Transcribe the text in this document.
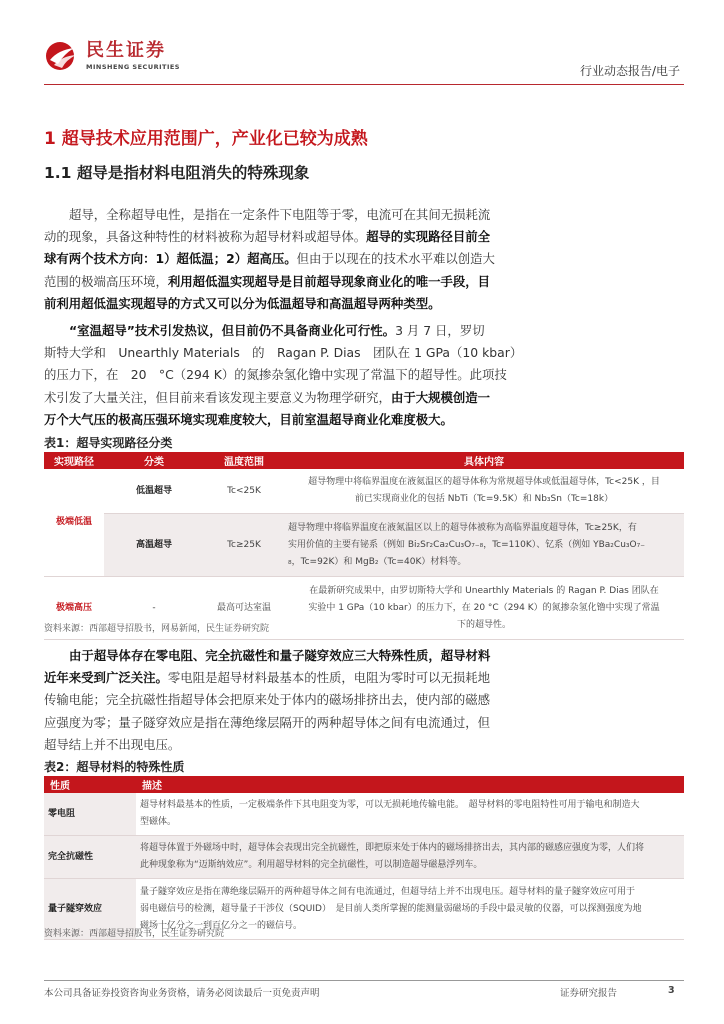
民生证券
MINSHENG SECURITIES	行业动态报告/电子
1 超导技术应用范围广，产业化已较为成熟
1.1 超导是指材料电阻消失的特殊现象
超导，全称超导电性，是指在一定条件下电阻等于零，电流可在其间无损耗流
动的现象，具备这种特性的材料被称为超导材料或超导体。超导的实现路径目前全
球有两个技术方向：1）超低温；2）超高压。但由于以现在的技术水平难以创造大
范围的极端高压环境，利用超低温实现超导是目前超导现象商业化的唯一手段，目
前利用超低温实现超导的方式又可以分为低温超导和高温超导两种类型。
“室温超导”技术引发热议，但目前仍不具备商业化可行性。3 月 7 日，罗切
斯特大学和　Unearthly Materials　的　Ragan P. Dias　团队在 1 GPa（10 kbar）
的压力下，在　20　°C（294 K）的氮掺杂氢化镥中实现了常温下的超导性。此项技
术引发了大量关注，但目前来看该发现主要意义为物理学研究，由于大规模创造一
万个大气压的极高压强环境实现难度较大，目前室温超导商业化难度极大。
表1：超导实现路径分类
实现路径	分类	温度范围	具体内容
极端低温	低温超导	Tc<25K	超导物理中将临界温度在液氦温区的超导体称为常规超导体或低温超导体，Tc<25K ，目
前已实现商业化的包括 NbTi（Tc=9.5K）和 Nb₃Sn（Tc=18k）

	高温超导	Tc≥25K	超导物理中将临界温度在液氮温区以上的超导体被称为高临界温度超导体，Tc≥25K，有
实用价值的主要有铋系（例如 Bi₂Sr₂Ca₂Cu₃O₇₋₈，Tc=110K）、钇系（例如 YBa₂Cu₃O₇₋
₈，Tc=92K）和 MgB₂（Tc=40K）材料等。

极端高压	-	最高可达室温	在最新研究成果中，由罗切斯特大学和 Unearthly Materials 的 Ragan P. Dias 团队在
实验中 1 GPa（10 kbar）的压力下，在 20 °C（294 K）的氮掺杂氢化镥中实现了常温
下的超导性。
资料来源：西部超导招股书，网易新闻，民生证券研究院
由于超导体存在零电阻、完全抗磁性和量子隧穿效应三大特殊性质，超导材料
近年来受到广泛关注。零电阻是超导材料最基本的性质，电阻为零时可以无损耗地
传输电能；完全抗磁性指超导体会把原来处于体内的磁场排挤出去，使内部的磁感
应强度为零；量子隧穿效应是指在薄绝缘层隔开的两种超导体之间有电流通过，但
超导结上并不出现电压。
表2：超导材料的特殊性质
性质	描述
零电阻	超导材料最基本的性质，一定极端条件下其电阻变为零，可以无损耗地传输电能。　超导材料的零电阻特性可用于输电和制造大
型磁体。

完全抗磁性	将超导体置于外磁场中时，超导体会表现出完全抗磁性，即把原来处于体内的磁场排挤出去，其内部的磁感应强度为零，人们将
此种现象称为“迈斯纳效应”。利用超导材料的完全抗磁性，可以制造超导磁悬浮列车。

量子隧穿效应	量子隧穿效应是指在薄绝缘层隔开的两种超导体之间有电流通过，但超导结上并不出现电压。超导材料的量子隧穿效应可用于
弱电磁信号的检测，超导量子干涉仪（SQUID）　是目前人类所掌握的能测量弱磁场的手段中最灵敏的仪器，可以探测强度为地
磁场十亿分之一到百亿分之一的磁信号。
资料来源：西部超导招股书，民生证券研究院
本公司具备证券投资咨询业务资格，请务必阅读最后一页免责声明	证券研究报告	3
